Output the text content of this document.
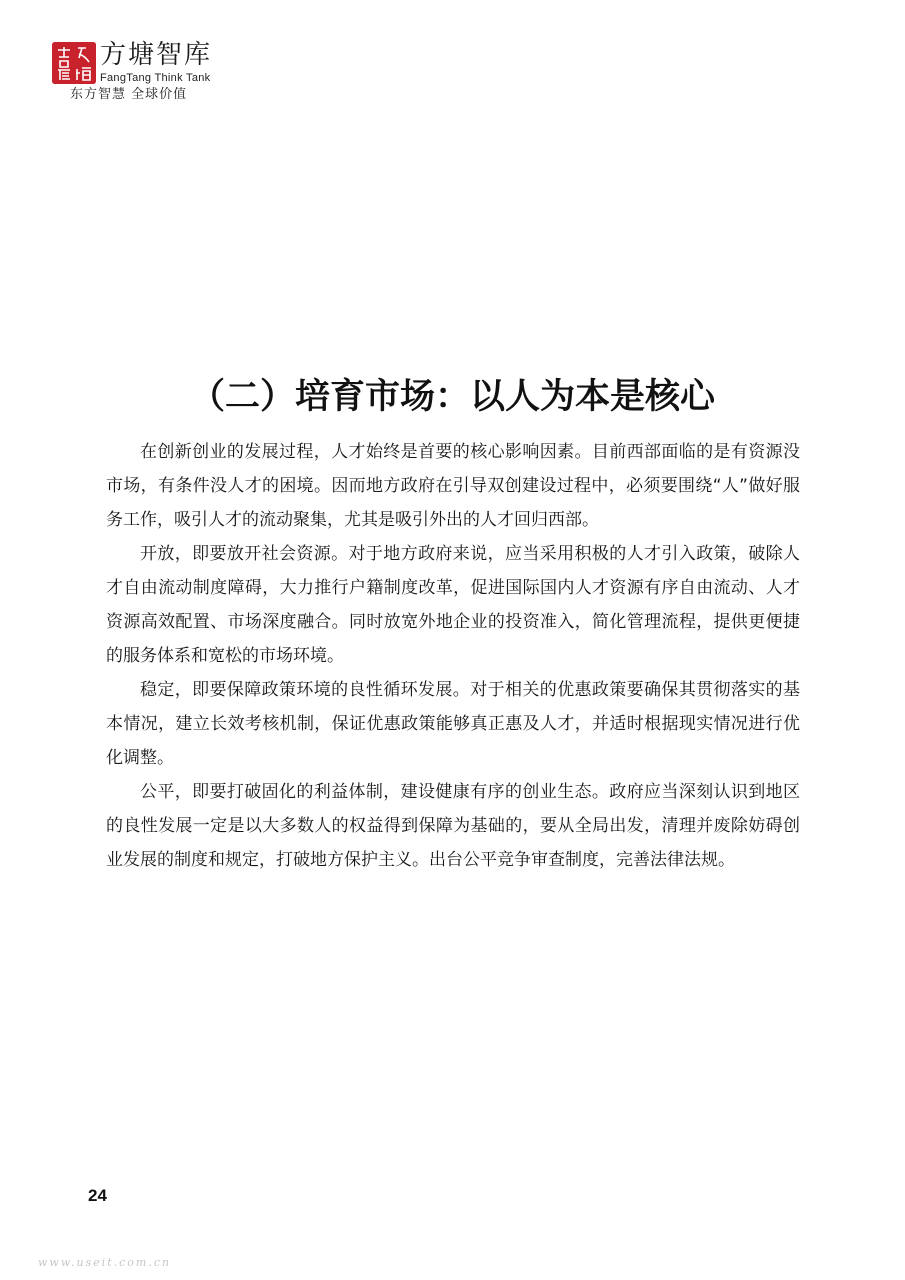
方塘智库
FangTang Think Tank
东方智慧 全球价值
（二）培育市场：以人为本是核心

在创新创业的发展过程，人才始终是首要的核心影响因素。目前西部面临的是有资源没市场，有条件没人才的困境。因而地方政府在引导双创建设过程中，必须要围绕“人”做好服务工作，吸引人才的流动聚集，尤其是吸引外出的人才回归西部。

开放，即要放开社会资源。对于地方政府来说，应当采用积极的人才引入政策，破除人才自由流动制度障碍，大力推行户籍制度改革，促进国际国内人才资源有序自由流动、人才资源高效配置、市场深度融合。同时放宽外地企业的投资准入，简化管理流程，提供更便捷的服务体系和宽松的市场环境。

稳定，即要保障政策环境的良性循环发展。对于相关的优惠政策要确保其贯彻落实的基本情况，建立长效考核机制，保证优惠政策能够真正惠及人才，并适时根据现实情况进行优化调整。

公平，即要打破固化的利益体制，建设健康有序的创业生态。政府应当深刻认识到地区的良性发展一定是以大多数人的权益得到保障为基础的，要从全局出发，清理并废除妨碍创业发展的制度和规定，打破地方保护主义。出台公平竞争审查制度，完善法律法规。

24
www.useit.com.cn
